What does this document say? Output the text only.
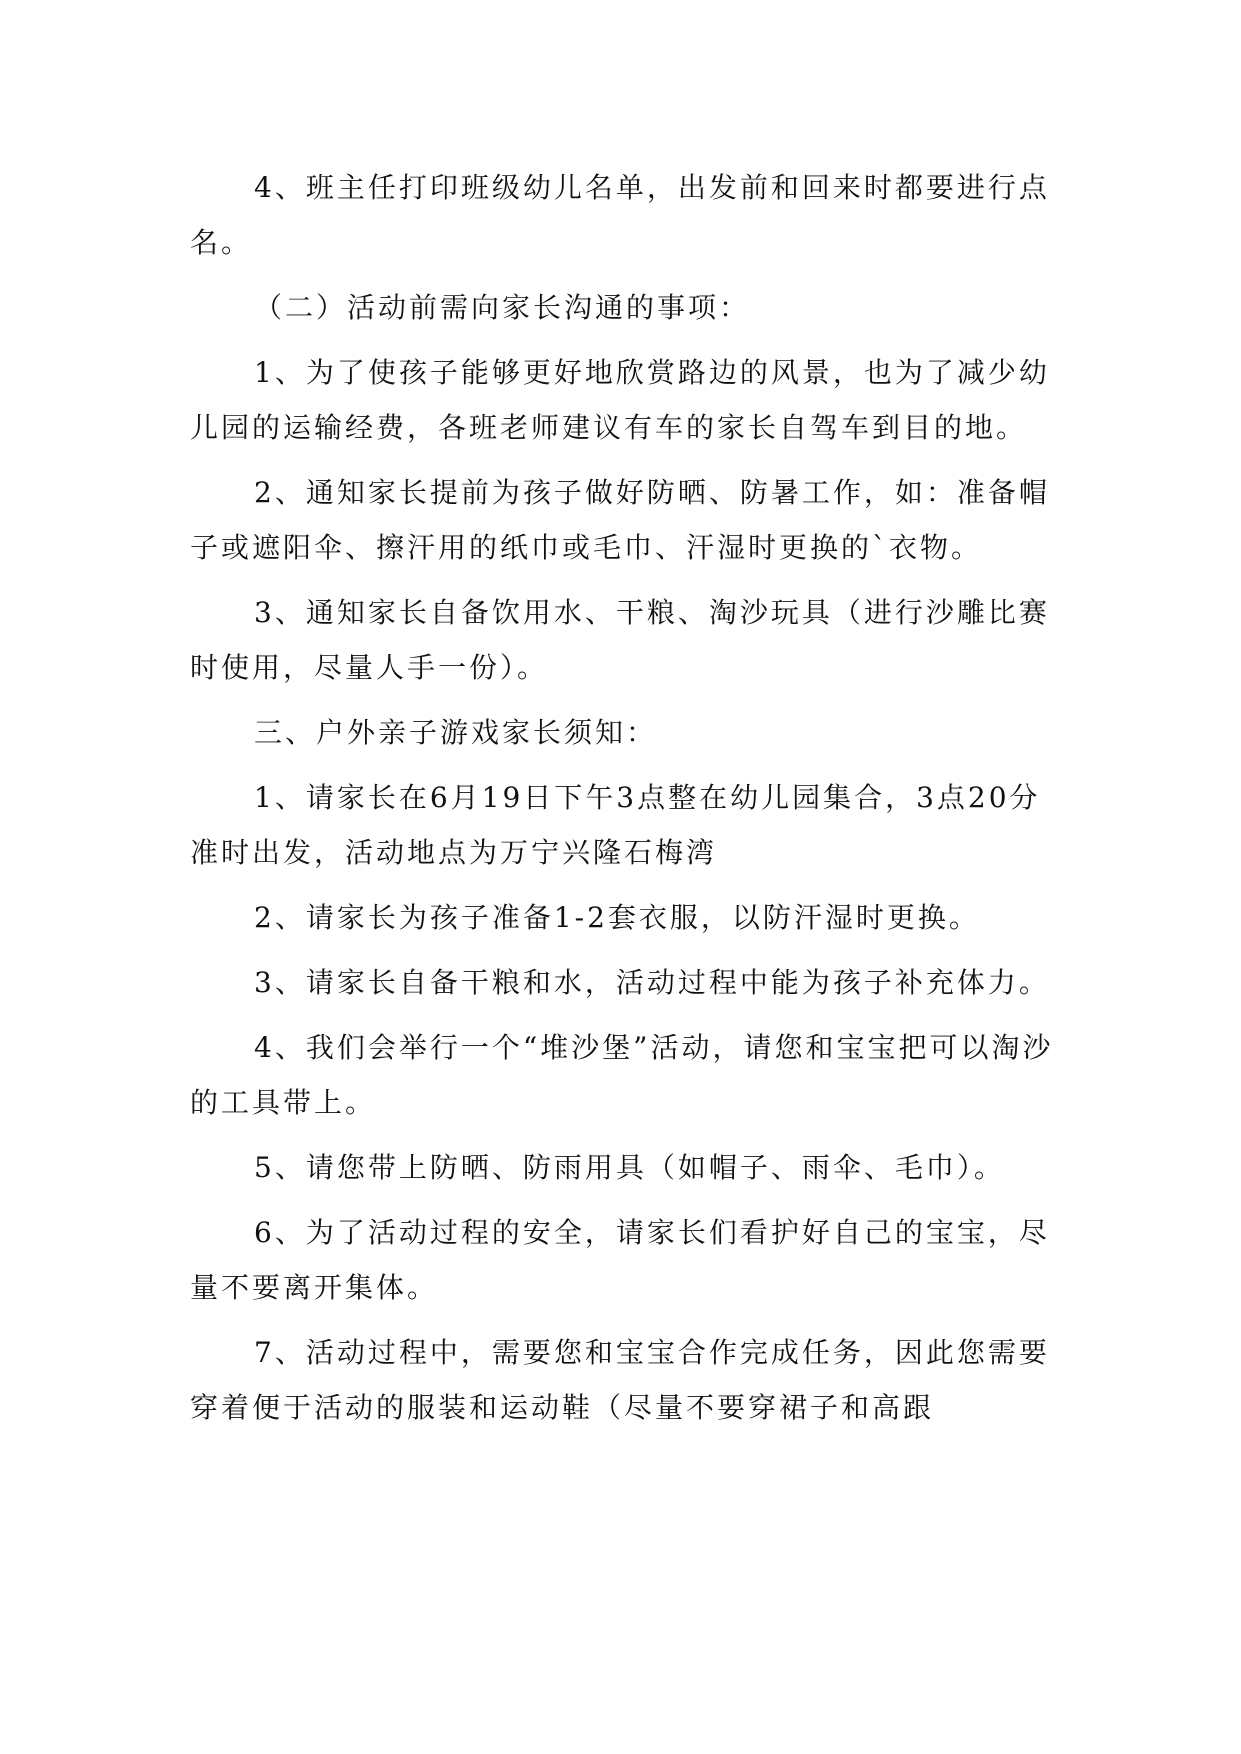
4、班主任打印班级幼儿名单，出发前和回来时都要进行点名。

（二）活动前需向家长沟通的事项：

1、为了使孩子能够更好地欣赏路边的风景，也为了减少幼儿园的运输经费，各班老师建议有车的家长自驾车到目的地。

2、通知家长提前为孩子做好防晒、防暑工作，如：准备帽子或遮阳伞、擦汗用的纸巾或毛巾、汗湿时更换的`衣物。

3、通知家长自备饮用水、干粮、淘沙玩具（进行沙雕比赛时使用，尽量人手一份）。

三、户外亲子游戏家长须知：

1、请家长在6月19日下午3点整在幼儿园集合，3点20分准时出发，活动地点为万宁兴隆石梅湾

2、请家长为孩子准备1-2套衣服，以防汗湿时更换。

3、请家长自备干粮和水，活动过程中能为孩子补充体力。

4、我们会举行一个“堆沙堡”活动，请您和宝宝把可以淘沙的工具带上。

5、请您带上防晒、防雨用具（如帽子、雨伞、毛巾）。

6、为了活动过程的安全，请家长们看护好自己的宝宝，尽量不要离开集体。

7、活动过程中，需要您和宝宝合作完成任务，因此您需要穿着便于活动的服装和运动鞋（尽量不要穿裙子和高跟
